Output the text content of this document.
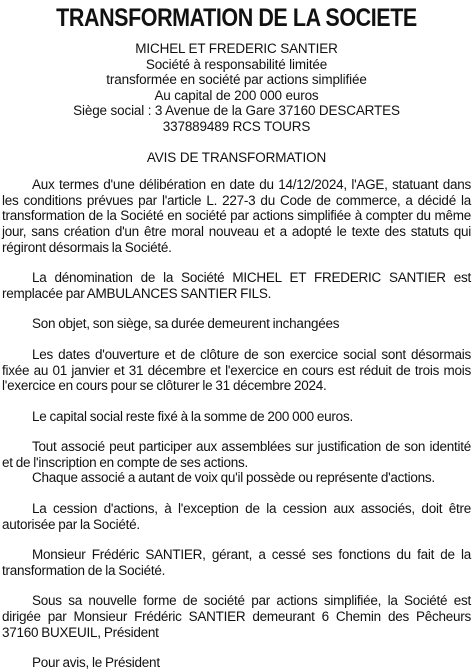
TRANSFORMATION DE LA SOCIETE
MICHEL ET FREDERIC SANTIER
Société à responsabilité limitée
transformée en société par actions simplifiée
Au capital de 200 000 euros
Siège social : 3 Avenue de la Gare 37160 DESCARTES
337889489 RCS TOURS
AVIS DE TRANSFORMATION

Aux termes d'une délibération en date du 14/12/2024, l'AGE, statuant dans les conditions prévues par l'article L. 227-3 du Code de commerce, a décidé la transformation de la Société en société par actions simplifiée à compter du même jour, sans création d'un être moral nouveau et a adopté le texte des statuts qui régiront désormais la Société.

La dénomination de la Société MICHEL ET FREDERIC SANTIER est remplacée par AMBULANCES SANTIER FILS.

Son objet, son siège, sa durée demeurent inchangées

Les dates d'ouverture et de clôture de son exercice social sont désormais fixée au 01 janvier et 31 décembre et l'exercice en cours est réduit de trois mois l'exercice en cours pour se clôturer le 31 décembre 2024.

Le capital social reste fixé à la somme de 200 000 euros.

Tout associé peut participer aux assemblées sur justification de son identité et de l'inscription en compte de ses actions.

Chaque associé a autant de voix qu'il possède ou représente d'actions.

La cession d'actions, à l'exception de la cession aux associés, doit être autorisée par la Société.

Monsieur Frédéric SANTIER, gérant, a cessé ses fonctions du fait de la transformation de la Société.

Sous sa nouvelle forme de société par actions simplifiée, la Société est dirigée par Monsieur Frédéric SANTIER demeurant 6 Chemin des Pêcheurs 37160 BUXEUIL, Président

Pour avis, le Président
